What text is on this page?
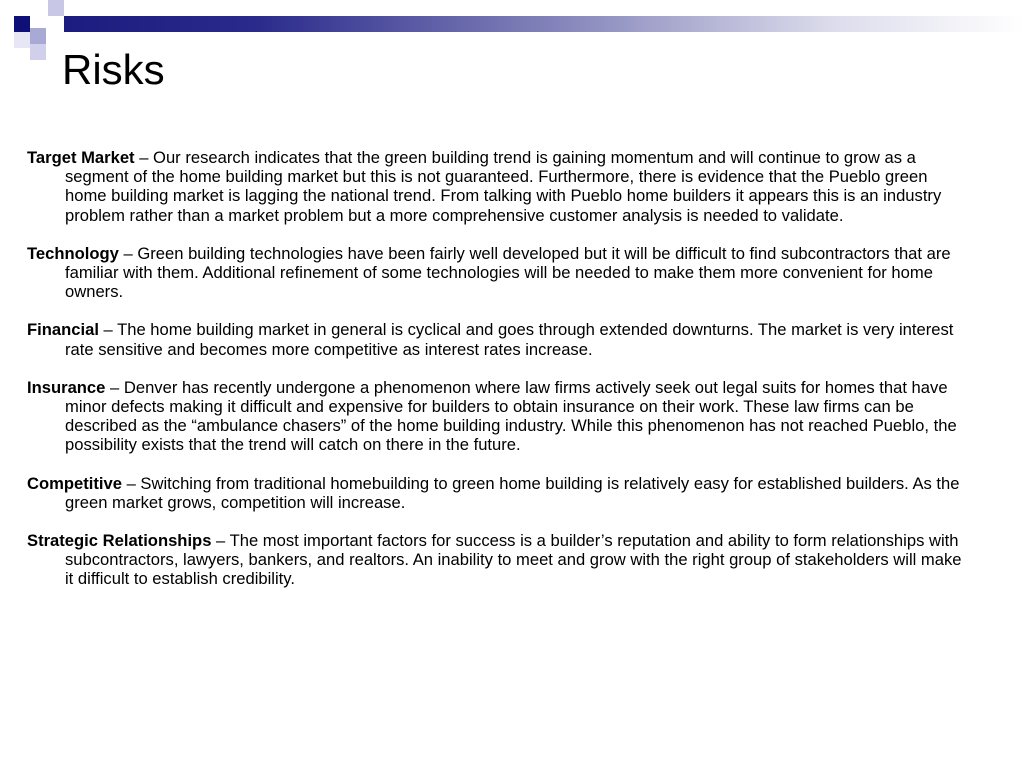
Risks
Target Market – Our research indicates that the green building trend is gaining momentum and will continue to grow as a segment of the home building market but this is not guaranteed. Furthermore, there is evidence that the Pueblo green home building market is lagging the national trend. From talking with Pueblo home builders it appears this is an industry problem rather than a market problem but a more comprehensive customer analysis is needed to validate.
Technology – Green building technologies have been fairly well developed but it will be difficult to find subcontractors that are familiar with them. Additional refinement of some technologies will be needed to make them more convenient for home owners.
Financial – The home building market in general is cyclical and goes through extended downturns. The market is very interest rate sensitive and becomes more competitive as interest rates increase.
Insurance – Denver has recently undergone a phenomenon where law firms actively seek out legal suits for homes that have minor defects making it difficult and expensive for builders to obtain insurance on their work. These law firms can be described as the “ambulance chasers” of the home building industry. While this phenomenon has not reached Pueblo, the possibility exists that the trend will catch on there in the future.
Competitive – Switching from traditional homebuilding to green home building is relatively easy for established builders. As the green market grows, competition will increase.
Strategic Relationships – The most important factors for success is a builder’s reputation and ability to form relationships with subcontractors, lawyers, bankers, and realtors. An inability to meet and grow with the right group of stakeholders will make it difficult to establish credibility.
